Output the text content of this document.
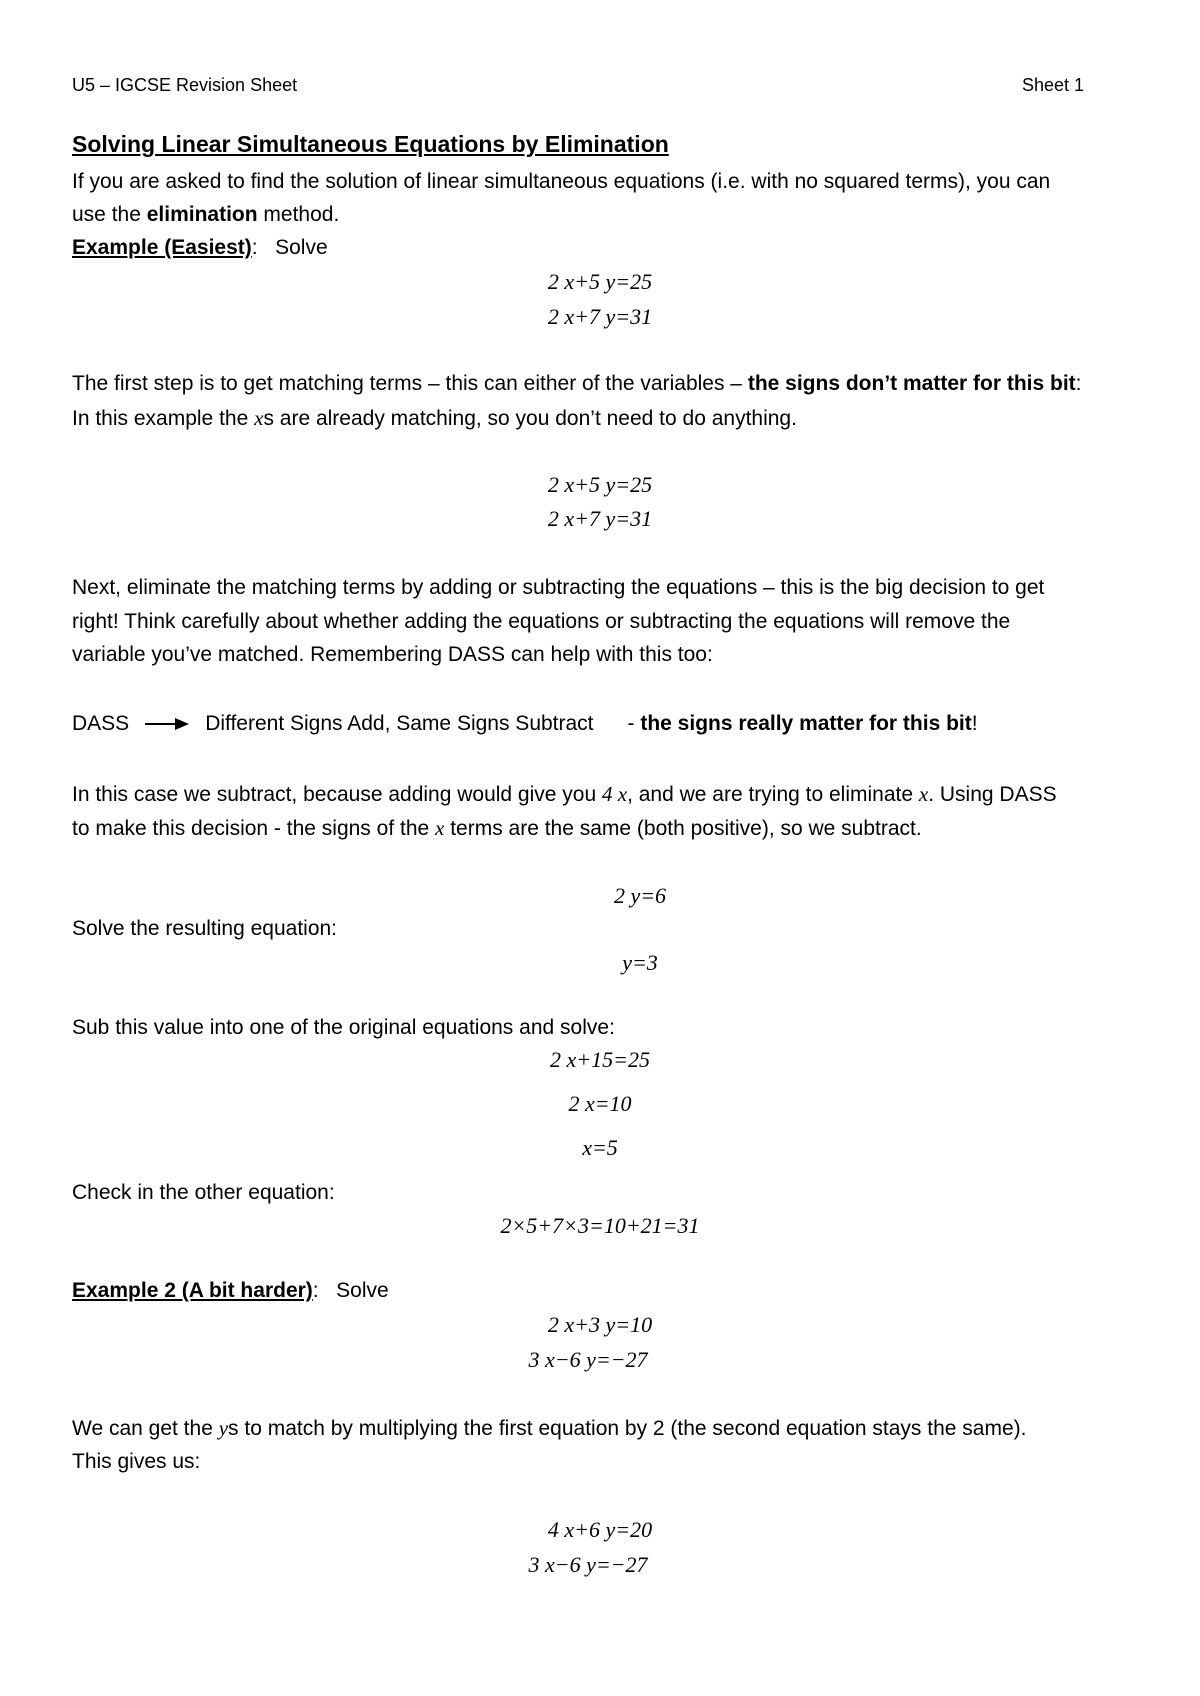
U5 – IGCSE Revision Sheet	Sheet 1
Solving Linear Simultaneous Equations by Elimination
If you are asked to find the solution of linear simultaneous equations (i.e. with no squared terms), you can
use the elimination method.
Example (Easiest): Solve
2 x+5 y=25
2 x+7 y=31
The first step is to get matching terms – this can either of the variables – the signs don’t matter for this bit:
In this example the xs are already matching, so you don’t need to do anything.
2 x+5 y=25
2 x+7 y=31
Next, eliminate the matching terms by adding or subtracting the equations – this is the big decision to get
right! Think carefully about whether adding the equations or subtracting the equations will remove the
variable you’ve matched. Remembering DASS can help with this too:
DASS	Different Signs Add, Same Signs Subtract - the signs really matter for this bit!
In this case we subtract, because adding would give you 4 x, and we are trying to eliminate x. Using DASS
to make this decision - the signs of the x terms are the same (both positive), so we subtract.
2 y=6
Solve the resulting equation:
y=3
Sub this value into one of the original equations and solve:
2 x+15=25
2 x=10
x=5
Check in the other equation:
2×5+7×3=10+21=31
Example 2 (A bit harder): Solve
2 x+3 y=10
3 x−6 y=−27
We can get the ys to match by multiplying the first equation by 2 (the second equation stays the same).
This gives us:
4 x+6 y=20
3 x−6 y=−27
